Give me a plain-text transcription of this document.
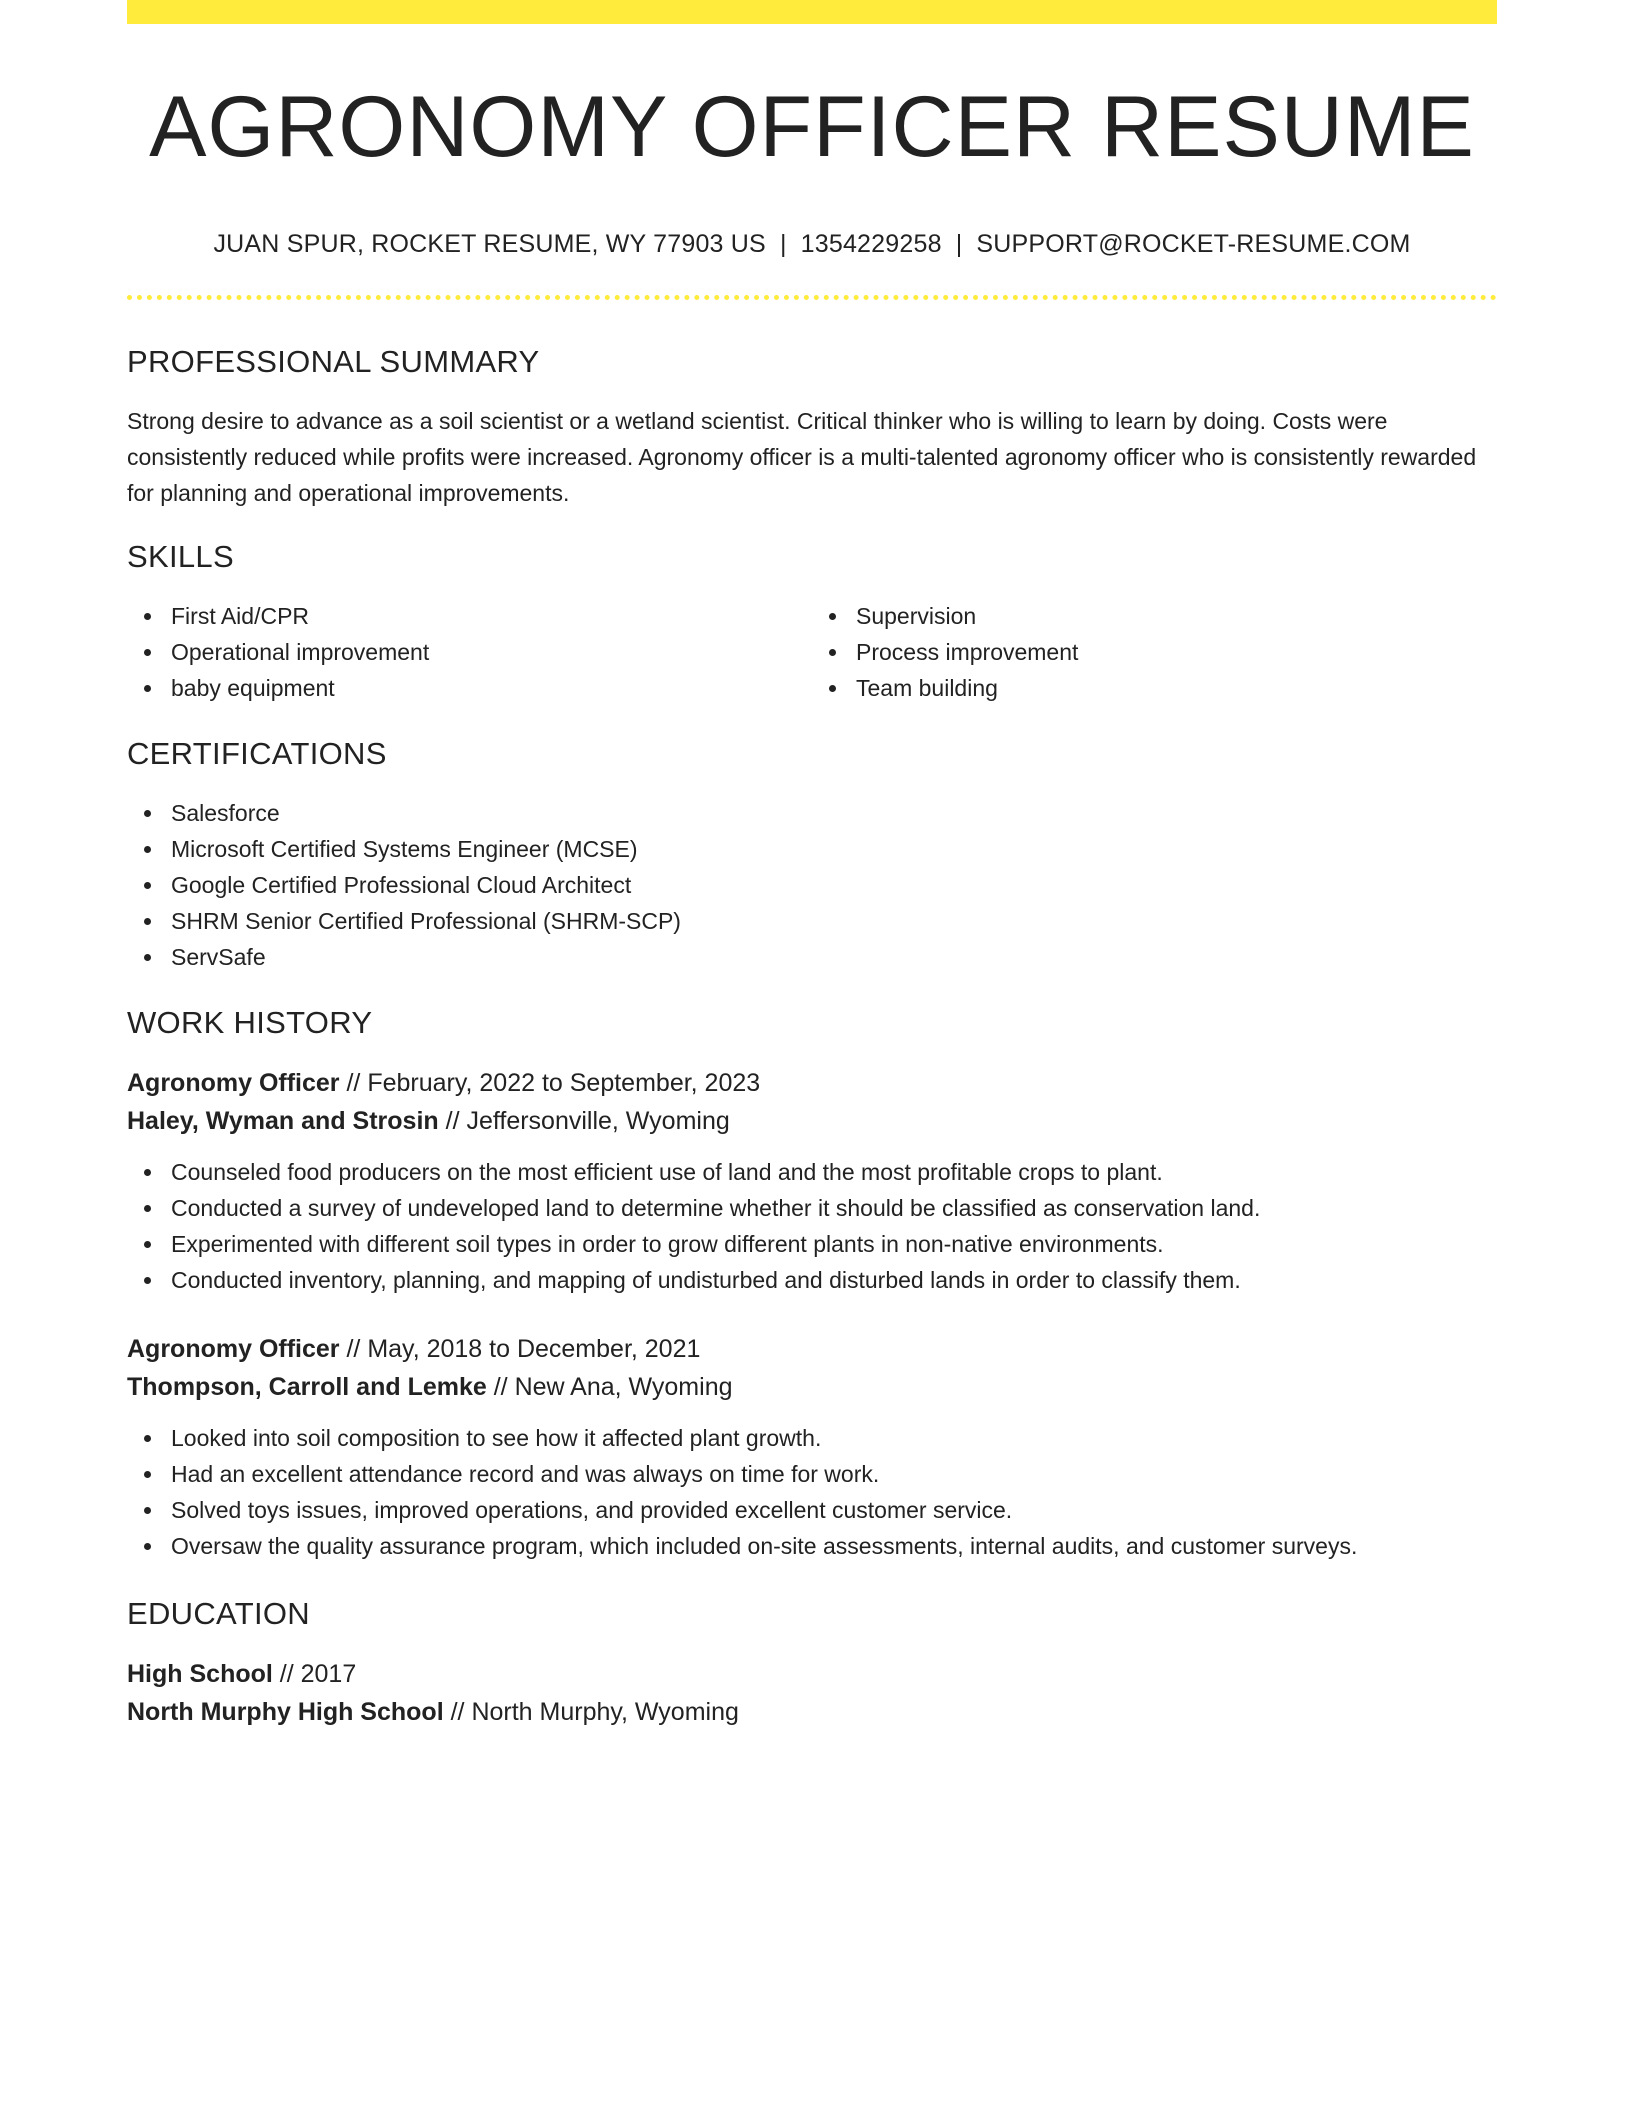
AGRONOMY OFFICER RESUME
JUAN SPUR, ROCKET RESUME, WY 77903 US | 1354229258 | SUPPORT@ROCKET-RESUME.COM
PROFESSIONAL SUMMARY
Strong desire to advance as a soil scientist or a wetland scientist. Critical thinker who is willing to learn by doing. Costs were consistently reduced while profits were increased. Agronomy officer is a multi-talented agronomy officer who is consistently rewarded for planning and operational improvements.
SKILLS
First Aid/CPR
Operational improvement
baby equipment
Supervision
Process improvement
Team building
CERTIFICATIONS
Salesforce
Microsoft Certified Systems Engineer (MCSE)
Google Certified Professional Cloud Architect
SHRM Senior Certified Professional (SHRM-SCP)
ServSafe
WORK HISTORY
Agronomy Officer // February, 2022 to September, 2023
Haley, Wyman and Strosin // Jeffersonville, Wyoming
Counseled food producers on the most efficient use of land and the most profitable crops to plant.
Conducted a survey of undeveloped land to determine whether it should be classified as conservation land.
Experimented with different soil types in order to grow different plants in non-native environments.
Conducted inventory, planning, and mapping of undisturbed and disturbed lands in order to classify them.
Agronomy Officer // May, 2018 to December, 2021
Thompson, Carroll and Lemke // New Ana, Wyoming
Looked into soil composition to see how it affected plant growth.
Had an excellent attendance record and was always on time for work.
Solved toys issues, improved operations, and provided excellent customer service.
Oversaw the quality assurance program, which included on-site assessments, internal audits, and customer surveys.
EDUCATION
High School // 2017
North Murphy High School // North Murphy, Wyoming
